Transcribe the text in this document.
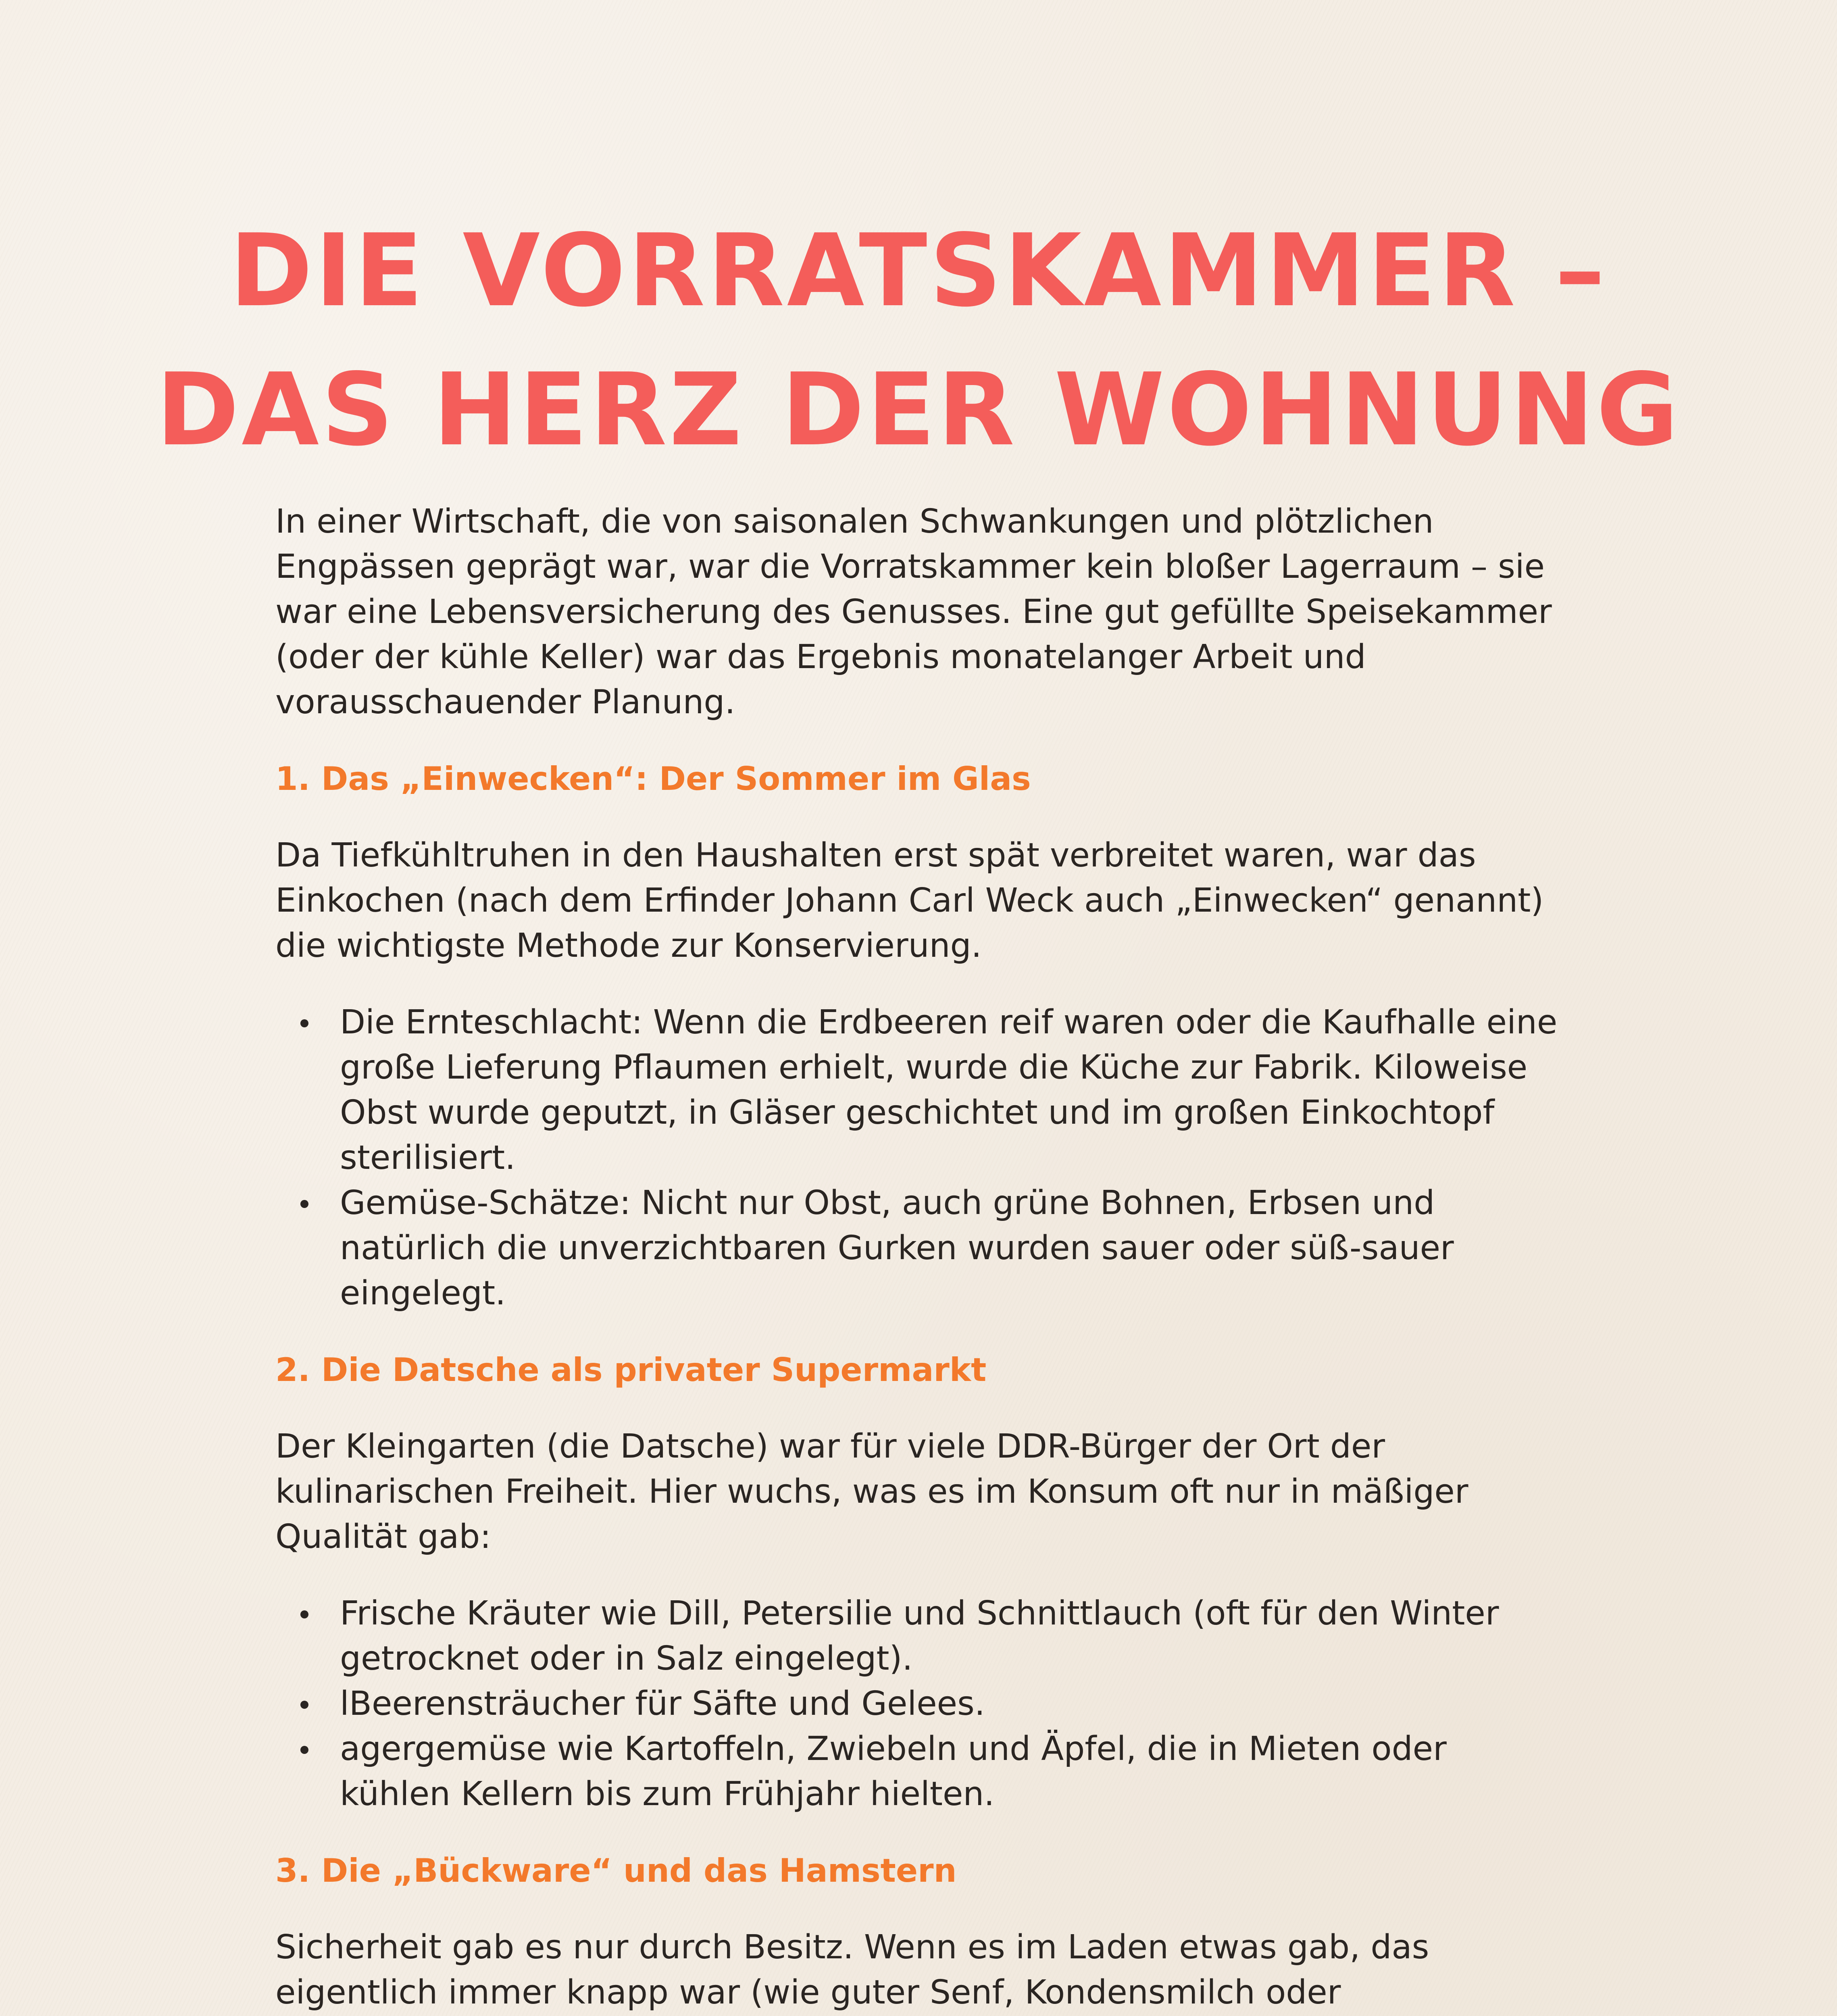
DIE VORRATSKAMMER –
DAS HERZ DER WOHNUNG

In einer Wirtschaft, die von saisonalen Schwankungen und plötzlichen Engpässen geprägt war, war die Vorratskammer kein bloßer Lagerraum – sie war eine Lebensversicherung des Genusses. Eine gut gefüllte Speisekammer (oder der kühle Keller) war das Ergebnis monatelanger Arbeit und vorausschauender Planung.

1. Das „Einwecken“: Der Sommer im Glas

Da Tiefkühltruhen in den Haushalten erst spät verbreitet waren, war das Einkochen (nach dem Erfinder Johann Carl Weck auch „Einwecken“ genannt) die wichtigste Methode zur Konservierung.

Die Ernteschlacht: Wenn die Erdbeeren reif waren oder die Kaufhalle eine große Lieferung Pflaumen erhielt, wurde die Küche zur Fabrik. Kiloweise Obst wurde geputzt, in Gläser geschichtet und im großen Einkochtopf sterilisiert.
Gemüse-Schätze: Nicht nur Obst, auch grüne Bohnen, Erbsen und natürlich die unverzichtbaren Gurken wurden sauer oder süß-sauer eingelegt.
2. Die Datsche als privater Supermarkt

Der Kleingarten (die Datsche) war für viele DDR-Bürger der Ort der kulinarischen Freiheit. Hier wuchs, was es im Konsum oft nur in mäßiger Qualität gab:

Frische Kräuter wie Dill, Petersilie und Schnittlauch (oft für den Winter getrocknet oder in Salz eingelegt).
lBeerensträucher für Säfte und Gelees.
agergemüse wie Kartoffeln, Zwiebeln und Äpfel, die in Mieten oder kühlen Kellern bis zum Frühjahr hielten.
3. Die „Bückware“ und das Hamstern

Sicherheit gab es nur durch Besitz. Wenn es im Laden etwas gab, das eigentlich immer knapp war (wie guter Senf, Kondensmilch oder
